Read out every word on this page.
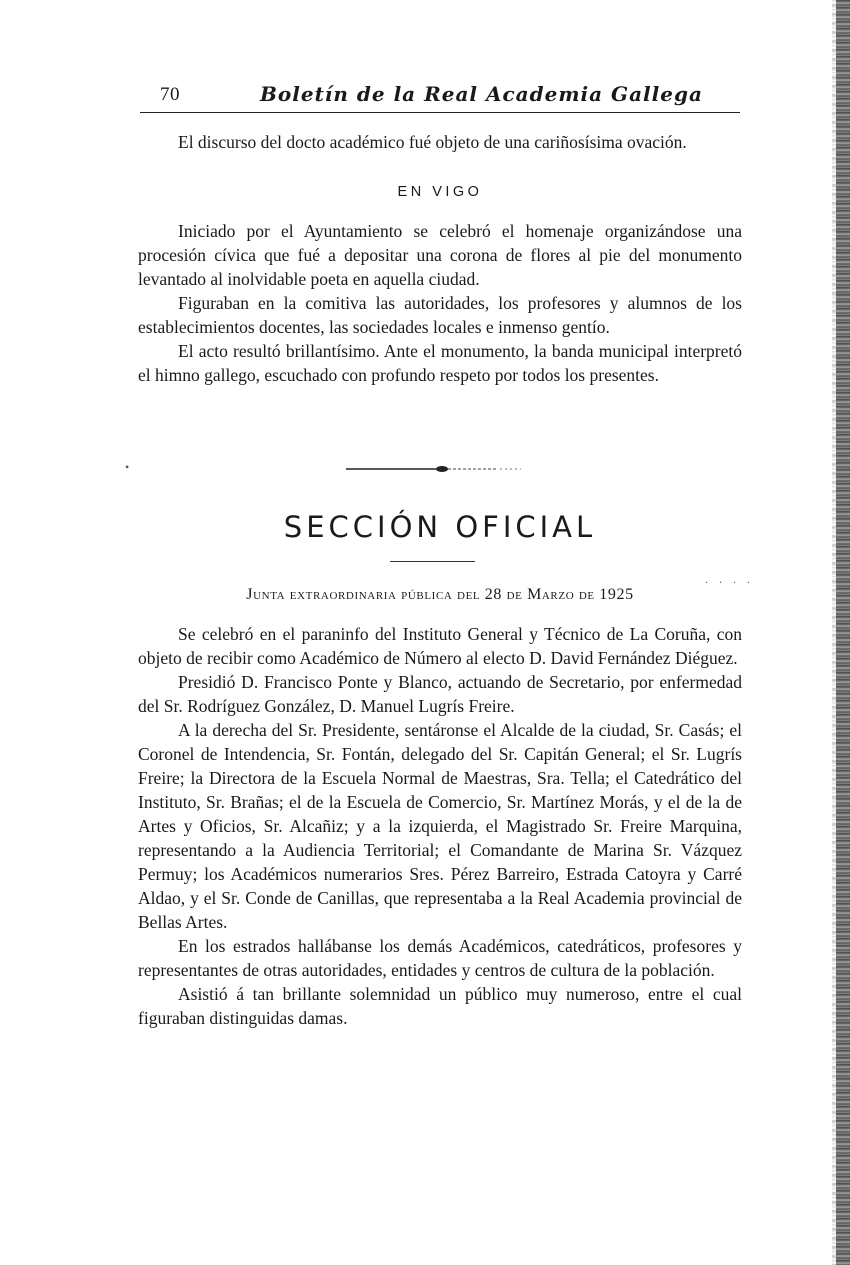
70	Boletín de la Real Academia Gallega

El discurso del docto académico fué objeto de una cariñosísima ovación.

EN VIGO

Iniciado por el Ayuntamiento se celebró el homenaje organizándose una procesión cívica que fué a depositar una corona de flores al pie del monumento levantado al inolvidable poeta en aquella ciudad.

Figuraban en la comitiva las autoridades, los profesores y alumnos de los establecimientos docentes, las sociedades locales e inmenso gentío.

El acto resultó brillantísimo. Ante el monumento, la banda municipal interpretó el himno gallego, escuchado con profundo respeto por todos los presentes.

•
SECCIÓN OFICIAL
. . . .
Junta extraordinaria pública del 28 de Marzo de 1925

Se celebró en el paraninfo del Instituto General y Técnico de La Coruña, con objeto de recibir como Académico de Número al electo D. David Fernández Diéguez.

Presidió D. Francisco Ponte y Blanco, actuando de Secretario, por enfermedad del Sr. Rodríguez González, D. Manuel Lugrís Freire.

A la derecha del Sr. Presidente, sentáronse el Alcalde de la ciudad, Sr. Casás; el Coronel de Intendencia, Sr. Fontán, delegado del Sr. Capitán General; el Sr. Lugrís Freire; la Directora de la Escuela Normal de Maestras, Sra. Tella; el Catedrático del Instituto, Sr. Brañas; el de la Escuela de Comercio, Sr. Martínez Morás, y el de la de Artes y Oficios, Sr. Alcañiz; y a la izquierda, el Magistrado Sr. Freire Marquina, representando a la Audiencia Territorial; el Comandante de Marina Sr. Vázquez Permuy; los Académicos numerarios Sres. Pérez Barreiro, Estrada Catoyra y Carré Aldao, y el Sr. Conde de Canillas, que representaba a la Real Academia provincial de Bellas Artes.

En los estrados hallábanse los demás Académicos, catedráticos, profesores y representantes de otras autoridades, entidades y centros de cultura de la población.

Asistió á tan brillante solemnidad un público muy numeroso, entre el cual figuraban distinguidas damas.
